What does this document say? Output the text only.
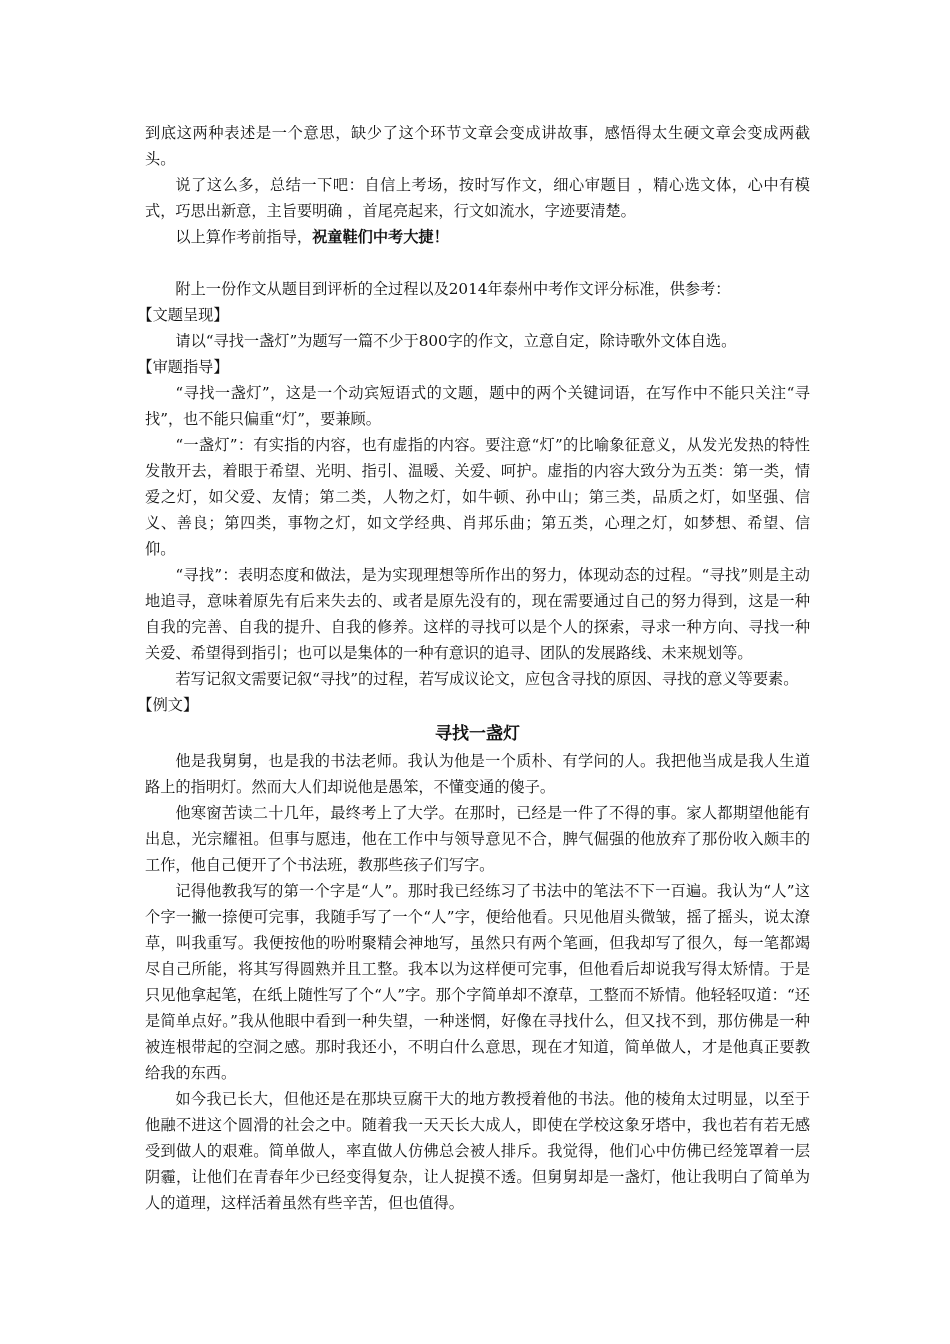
到底这两种表述是一个意思，缺少了这个环节文章会变成讲故事，感悟得太生硬文章会变成两截头。

说了这么多，总结一下吧：自信上考场，按时写作文，细心审题目 ，精心选文体，心中有模式，巧思出新意，主旨要明确 ，首尾亮起来，行文如流水，字迹要清楚。

以上算作考前指导，祝童鞋们中考大捷！

附上一份作文从题目到评析的全过程以及2014年泰州中考作文评分标准，供参考：

【文题呈现】

请以“寻找一盏灯”为题写一篇不少于800字的作文，立意自定，除诗歌外文体自选。

【审题指导】

“寻找一盏灯”，这是一个动宾短语式的文题，题中的两个关键词语，在写作中不能只关注“寻找”，也不能只偏重“灯”，要兼顾。

“一盏灯”：有实指的内容，也有虚指的内容。要注意“灯”的比喻象征意义，从发光发热的特性发散开去，着眼于希望、光明、指引、温暖、关爱、呵护。虚指的内容大致分为五类：第一类，情爱之灯，如父爱、友情；第二类，人物之灯，如牛顿、孙中山；第三类，品质之灯，如坚强、信义、善良；第四类，事物之灯，如文学经典、肖邦乐曲；第五类，心理之灯，如梦想、希望、信仰。

“寻找”：表明态度和做法，是为实现理想等所作出的努力，体现动态的过程。“寻找”则是主动地追寻，意味着原先有后来失去的、或者是原先没有的，现在需要通过自己的努力得到，这是一种自我的完善、自我的提升、自我的修养。这样的寻找可以是个人的探索，寻求一种方向、寻找一种关爱、希望得到指引；也可以是集体的一种有意识的追寻、团队的发展路线、未来规划等。

若写记叙文需要记叙“寻找”的过程，若写成议论文，应包含寻找的原因、寻找的意义等要素。

【例文】

寻找一盏灯

他是我舅舅，也是我的书法老师。我认为他是一个质朴、有学问的人。我把他当成是我人生道路上的指明灯。然而大人们却说他是愚笨，不懂变通的傻子。

他寒窗苦读二十几年，最终考上了大学。在那时，已经是一件了不得的事。家人都期望他能有出息，光宗耀祖。但事与愿违，他在工作中与领导意见不合，脾气倔强的他放弃了那份收入颇丰的工作，他自己便开了个书法班，教那些孩子们写字。

记得他教我写的第一个字是“人”。那时我已经练习了书法中的笔法不下一百遍。我认为“人”这个字一撇一捺便可完事，我随手写了一个“人”字，便给他看。只见他眉头微皱，摇了摇头，说太潦草，叫我重写。我便按他的吩咐聚精会神地写，虽然只有两个笔画，但我却写了很久，每一笔都竭尽自己所能，将其写得圆熟并且工整。我本以为这样便可完事，但他看后却说我写得太矫情。于是只见他拿起笔，在纸上随性写了个“人”字。那个字简单却不潦草，工整而不矫情。他轻轻叹道：“还是简单点好。”我从他眼中看到一种失望，一种迷惘，好像在寻找什么，但又找不到，那仿佛是一种被连根带起的空洞之感。那时我还小，不明白什么意思，现在才知道，简单做人，才是他真正要教给我的东西。

如今我已长大，但他还是在那块豆腐干大的地方教授着他的书法。他的棱角太过明显，以至于他融不进这个圆滑的社会之中。随着我一天天长大成人，即使在学校这象牙塔中，我也若有若无感受到做人的艰难。简单做人，率直做人仿佛总会被人排斥。我觉得，他们心中仿佛已经笼罩着一层阴霾，让他们在青春年少已经变得复杂，让人捉摸不透。但舅舅却是一盏灯，他让我明白了简单为人的道理，这样活着虽然有些辛苦，但也值得。
